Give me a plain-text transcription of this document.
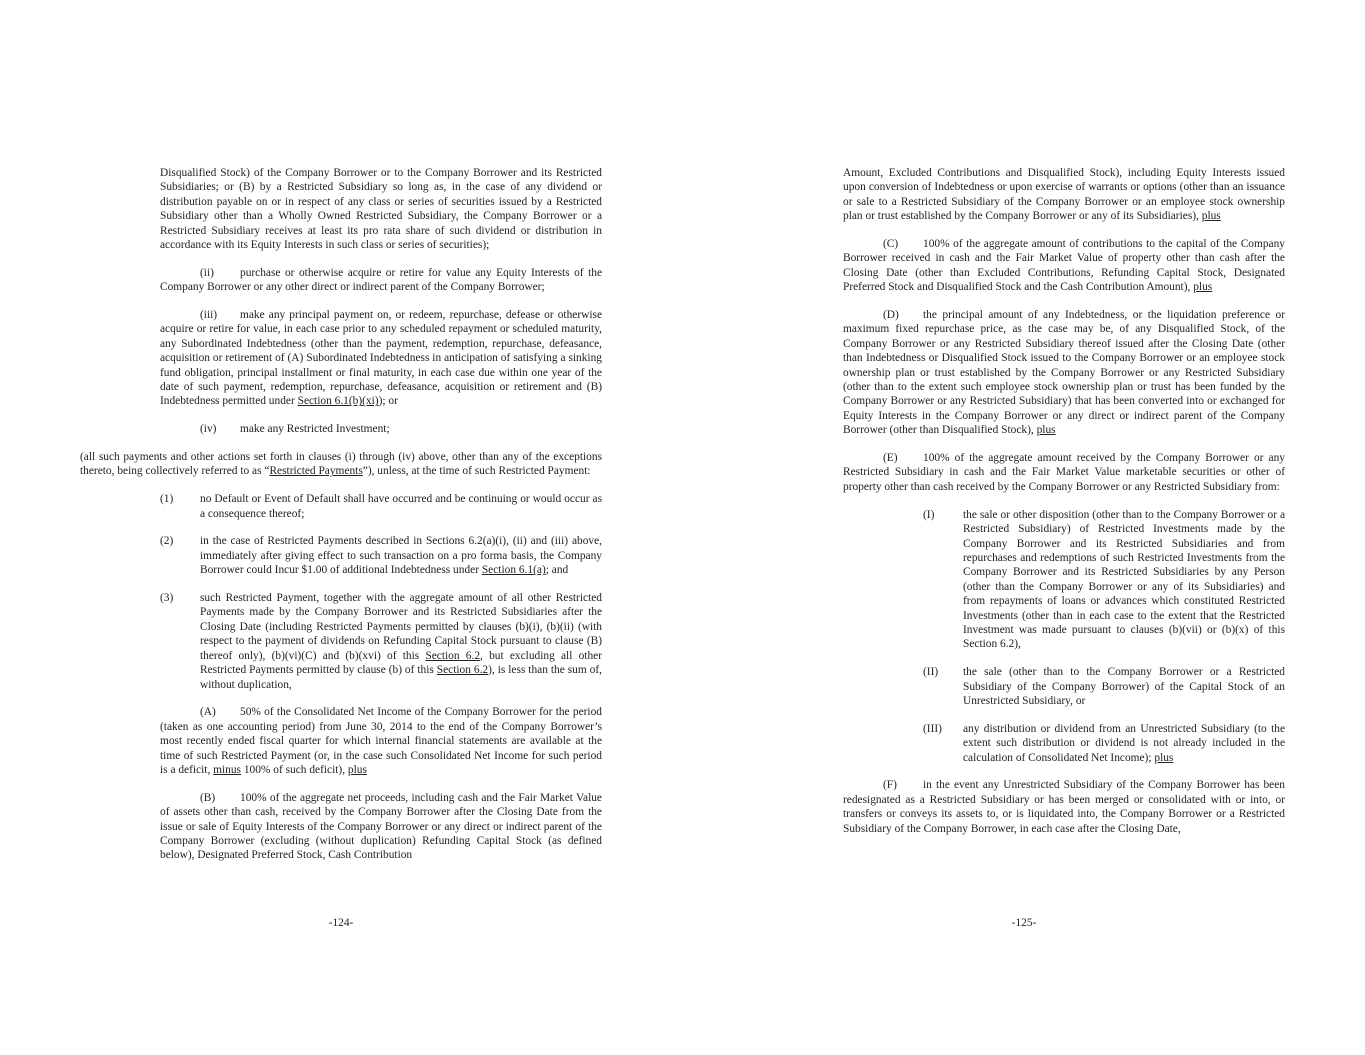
Disqualified Stock) of the Company Borrower or to the Company Borrower and its Restricted Subsidiaries; or (B) by a Restricted Subsidiary so long as, in the case of any dividend or distribution payable on or in respect of any class or series of securities issued by a Restricted Subsidiary other than a Wholly Owned Restricted Subsidiary, the Company Borrower or a Restricted Subsidiary receives at least its pro rata share of such dividend or distribution in accordance with its Equity Interests in such class or series of securities);

(ii) purchase or otherwise acquire or retire for value any Equity Interests of the Company Borrower or any other direct or indirect parent of the Company Borrower;

(iii) make any principal payment on, or redeem, repurchase, defease or otherwise acquire or retire for value, in each case prior to any scheduled repayment or scheduled maturity, any Subordinated Indebtedness (other than the payment, redemption, repurchase, defeasance, acquisition or retirement of (A) Subordinated Indebtedness in anticipation of satisfying a sinking fund obligation, principal installment or final maturity, in each case due within one year of the date of such payment, redemption, repurchase, defeasance, acquisition or retirement and (B) Indebtedness permitted under Section 6.1(b)(xi)); or

(iv) make any Restricted Investment;

(all such payments and other actions set forth in clauses (i) through (iv) above, other than any of the exceptions thereto, being collectively referred to as “Restricted Payments”), unless, at the time of such Restricted Payment:

(1) no Default or Event of Default shall have occurred and be continuing or would occur as a consequence thereof;

(2) in the case of Restricted Payments described in Sections 6.2(a)(i), (ii) and (iii) above, immediately after giving effect to such transaction on a pro forma basis, the Company Borrower could Incur $1.00 of additional Indebtedness under Section 6.1(a); and

(3) such Restricted Payment, together with the aggregate amount of all other Restricted Payments made by the Company Borrower and its Restricted Subsidiaries after the Closing Date (including Restricted Payments permitted by clauses (b)(i), (b)(ii) (with respect to the payment of dividends on Refunding Capital Stock pursuant to clause (B) thereof only), (b)(vi)(C) and (b)(xvi) of this Section 6.2, but excluding all other Restricted Payments permitted by clause (b) of this Section 6.2), is less than the sum of, without duplication,

(A) 50% of the Consolidated Net Income of the Company Borrower for the period (taken as one accounting period) from June 30, 2014 to the end of the Company Borrower’s most recently ended fiscal quarter for which internal financial statements are available at the time of such Restricted Payment (or, in the case such Consolidated Net Income for such period is a deficit, minus 100% of such deficit), plus

(B) 100% of the aggregate net proceeds, including cash and the Fair Market Value of assets other than cash, received by the Company Borrower after the Closing Date from the issue or sale of Equity Interests of the Company Borrower or any direct or indirect parent of the Company Borrower (excluding (without duplication) Refunding Capital Stock (as defined below), Designated Preferred Stock, Cash Contribution

-124-

Amount, Excluded Contributions and Disqualified Stock), including Equity Interests issued upon conversion of Indebtedness or upon exercise of warrants or options (other than an issuance or sale to a Restricted Subsidiary of the Company Borrower or an employee stock ownership plan or trust established by the Company Borrower or any of its Subsidiaries), plus

(C) 100% of the aggregate amount of contributions to the capital of the Company Borrower received in cash and the Fair Market Value of property other than cash after the Closing Date (other than Excluded Contributions, Refunding Capital Stock, Designated Preferred Stock and Disqualified Stock and the Cash Contribution Amount), plus

(D) the principal amount of any Indebtedness, or the liquidation preference or maximum fixed repurchase price, as the case may be, of any Disqualified Stock, of the Company Borrower or any Restricted Subsidiary thereof issued after the Closing Date (other than Indebtedness or Disqualified Stock issued to the Company Borrower or an employee stock ownership plan or trust established by the Company Borrower or any Restricted Subsidiary (other than to the extent such employee stock ownership plan or trust has been funded by the Company Borrower or any Restricted Subsidiary) that has been converted into or exchanged for Equity Interests in the Company Borrower or any direct or indirect parent of the Company Borrower (other than Disqualified Stock), plus

(E) 100% of the aggregate amount received by the Company Borrower or any Restricted Subsidiary in cash and the Fair Market Value marketable securities or other of property other than cash received by the Company Borrower or any Restricted Subsidiary from:

(I)	the sale or other disposition (other than to the Company Borrower or a Restricted Subsidiary) of Restricted Investments made by the Company Borrower and its Restricted Subsidiaries and from repurchases and redemptions of such Restricted Investments from the Company Borrower and its Restricted Subsidiaries by any Person (other than the Company Borrower or any of its Subsidiaries) and from repayments of loans or advances which constituted Restricted Investments (other than in each case to the extent that the Restricted Investment was made pursuant to clauses (b)(vii) or (b)(x) of this Section 6.2),

(II) the sale (other than to the Company Borrower or a Restricted Subsidiary of the Company Borrower) of the Capital Stock of an Unrestricted Subsidiary, or

(III) any distribution or dividend from an Unrestricted Subsidiary (to the extent such distribution or dividend is not already included in the calculation of Consolidated Net Income); plus

(F) in the event any Unrestricted Subsidiary of the Company Borrower has been redesignated as a Restricted Subsidiary or has been merged or consolidated with or into, or transfers or conveys its assets to, or is liquidated into, the Company Borrower or a Restricted Subsidiary of the Company Borrower, in each case after the Closing Date,

-125-
